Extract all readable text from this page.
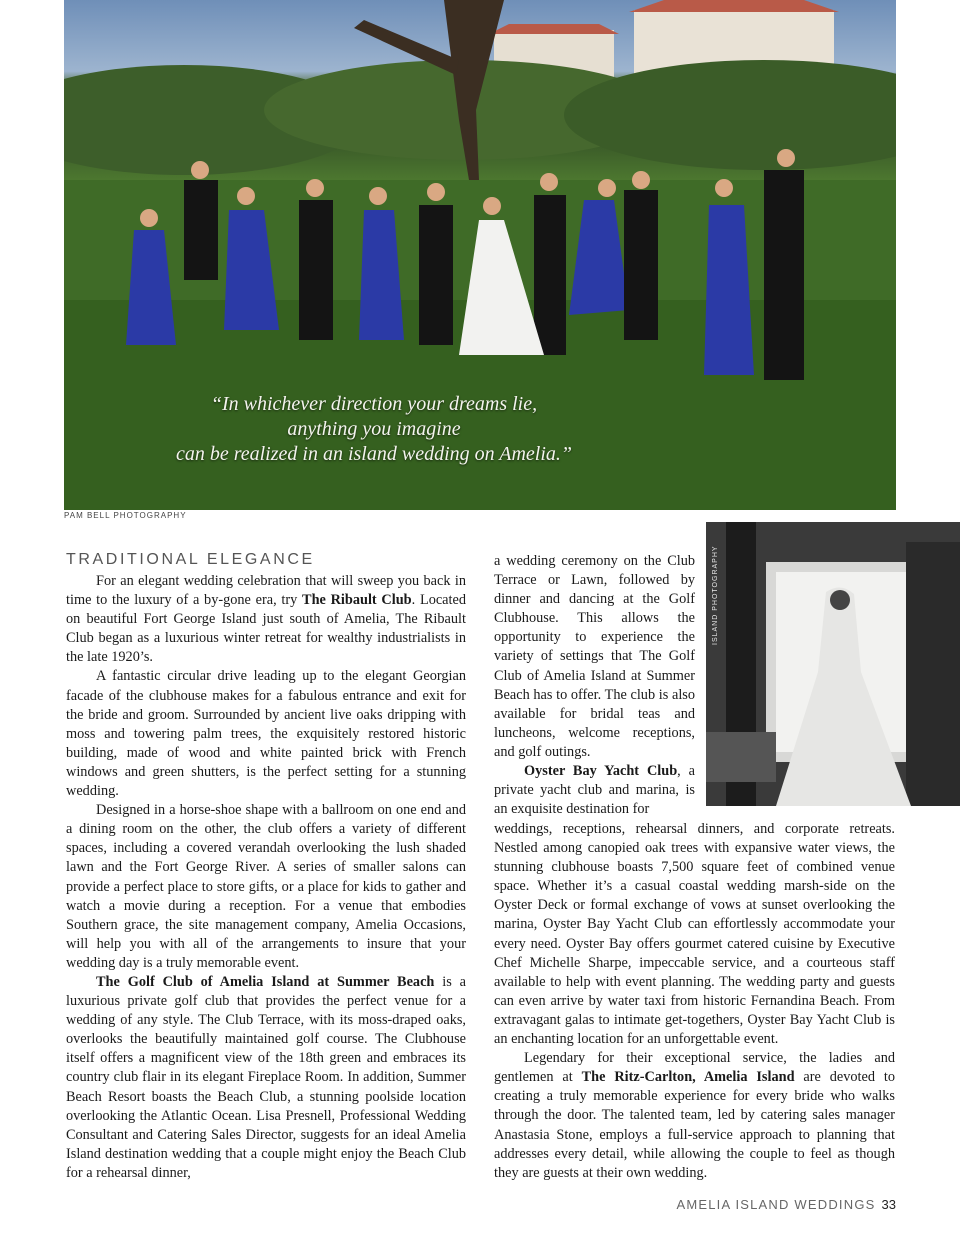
“In whichever direction your dreams lie,
anything you imagine
can be realized in an island wedding on Amelia.”
PAM BELL PHOTOGRAPHY
ISLAND PHOTOGRAPHY
TRADITIONAL ELEGANCE

For an elegant wedding celebration that will sweep you back in time to the luxury of a by-gone era, try The Ribault Club. Located on beautiful Fort George Island just south of Amelia, The Ribault Club began as a luxurious winter retreat for wealthy industrialists in the late 1920’s.

A fantastic circular drive leading up to the elegant Georgian facade of the clubhouse makes for a fabulous entrance and exit for the bride and groom. Surrounded by ancient live oaks dripping with moss and towering palm trees, the exquisitely restored historic building, made of wood and white painted brick with French windows and green shutters, is the perfect setting for a stunning wedding.

Designed in a horse-shoe shape with a ballroom on one end and a dining room on the other, the club offers a variety of different spaces, including a covered verandah overlooking the lush shaded lawn and the Fort George River. A series of smaller salons can provide a perfect place to store gifts, or a place for kids to gather and watch a movie during a reception. For a venue that embodies Southern grace, the site management company, Amelia Occasions, will help you with all of the arrangements to insure that your wedding day is a truly memorable event.

The Golf Club of Amelia Island at Summer Beach is a luxurious private golf club that provides the perfect venue for a wedding of any style. The Club Terrace, with its moss-draped oaks, overlooks the beautifully maintained golf course. The Clubhouse itself offers a magnificent view of the 18th green and embraces its country club flair in its elegant Fireplace Room. In addition, Summer Beach Resort boasts the Beach Club, a stunning poolside location overlooking the Atlantic Ocean. Lisa Presnell, Professional Wedding Consultant and Catering Sales Director, suggests for an ideal Amelia Island destination wedding that a couple might enjoy the Beach Club for a rehearsal dinner,

a wedding ceremony on the Club Terrace or Lawn, followed by dinner and dancing at the Golf Clubhouse. This allows the opportunity to experience the variety of settings that The Golf Club of Amelia Island at Summer Beach has to offer. The club is also available for bridal teas and luncheons, welcome receptions, and golf outings.

Oyster Bay Yacht Club, a private yacht club and marina, is an exquisite destination for

weddings, receptions, rehearsal dinners, and corporate retreats. Nestled among canopied oak trees with expansive water views, the stunning clubhouse boasts 7,500 square feet of combined venue space. Whether it’s a casual coastal wedding marsh-side on the Oyster Deck or formal exchange of vows at sunset overlooking the marina, Oyster Bay Yacht Club can effortlessly accommodate your every need. Oyster Bay offers gourmet catered cuisine by Executive Chef Michelle Sharpe, impeccable service, and a courteous staff available to help with event planning. The wedding party and guests can even arrive by water taxi from historic Fernandina Beach. From extravagant galas to intimate get-togethers, Oyster Bay Yacht Club is an enchanting location for an unforgettable event.

Legendary for their exceptional service, the ladies and gentlemen at The Ritz-Carlton, Amelia Island are devoted to creating a truly memorable experience for every bride who walks through the door. The talented team, led by catering sales manager Anastasia Stone, employs a full-service approach to planning that addresses every detail, while allowing the couple to feel as though they are guests at their own wedding.

AMELIA ISLAND WEDDINGS 33
